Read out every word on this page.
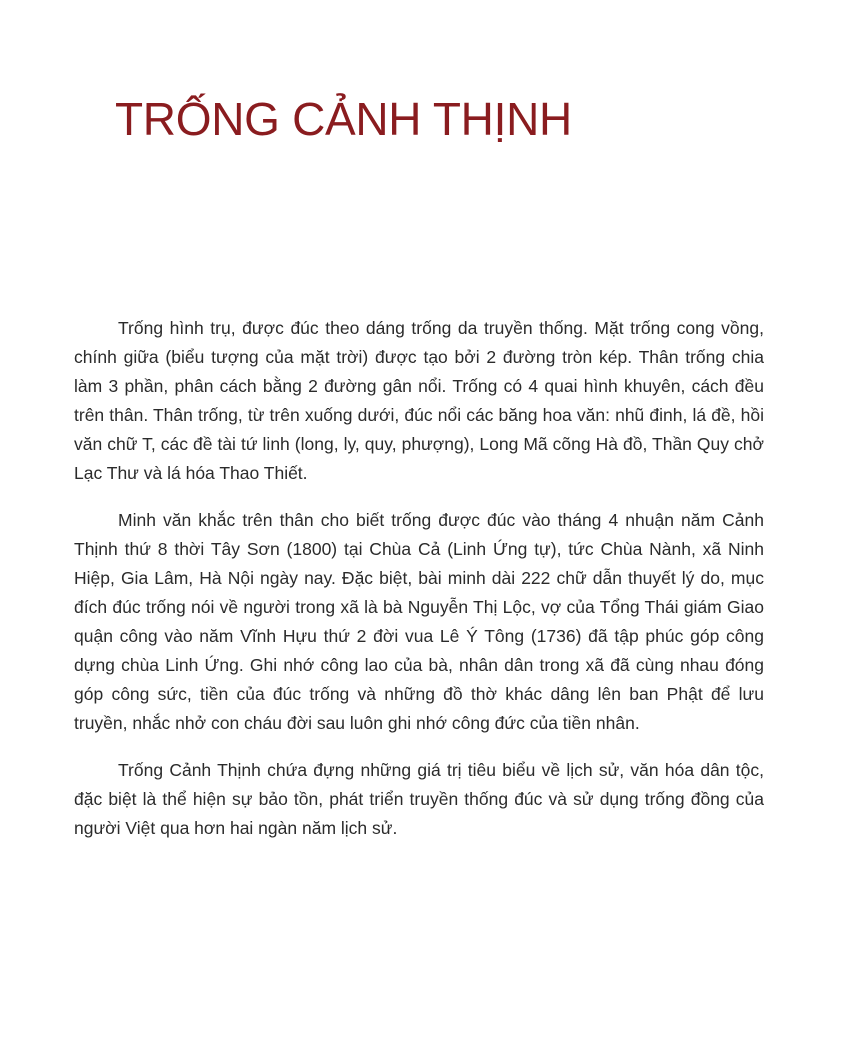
TRỐNG CẢNH THỊNH

Trống hình trụ, được đúc theo dáng trống da truyền thống. Mặt trống cong vồng, chính giữa (biểu tượng của mặt trời) được tạo bởi 2 đường tròn kép. Thân trống chia làm 3 phần, phân cách bằng 2 đường gân nổi. Trống có 4 quai hình khuyên, cách đều trên thân. Thân trống, từ trên xuống dưới, đúc nổi các băng hoa văn: nhũ đinh, lá đề, hồi văn chữ T, các đề tài tứ linh (long, ly, quy, phượng), Long Mã cõng Hà đồ, Thần Quy chở Lạc Thư và lá hóa Thao Thiết.

Minh văn khắc trên thân cho biết trống được đúc vào tháng 4 nhuận năm Cảnh Thịnh thứ 8 thời Tây Sơn (1800) tại Chùa Cả (Linh Ứng tự), tức Chùa Nành, xã Ninh Hiệp, Gia Lâm, Hà Nội ngày nay. Đặc biệt, bài minh dài 222 chữ dẫn thuyết lý do, mục đích đúc trống nói về người trong xã là bà Nguyễn Thị Lộc, vợ của Tổng Thái giám Giao quận công vào năm Vĩnh Hựu thứ 2 đời vua Lê Ý Tông (1736) đã tập phúc góp công dựng chùa Linh Ứng. Ghi nhớ công lao của bà, nhân dân trong xã đã cùng nhau đóng góp công sức, tiền của đúc trống và những đồ thờ khác dâng lên ban Phật để lưu truyền, nhắc nhở con cháu đời sau luôn ghi nhớ công đức của tiền nhân.

Trống Cảnh Thịnh chứa đựng những giá trị tiêu biểu về lịch sử, văn hóa dân tộc, đặc biệt là thể hiện sự bảo tồn, phát triển truyền thống đúc và sử dụng trống đồng của người Việt qua hơn hai ngàn năm lịch sử.
